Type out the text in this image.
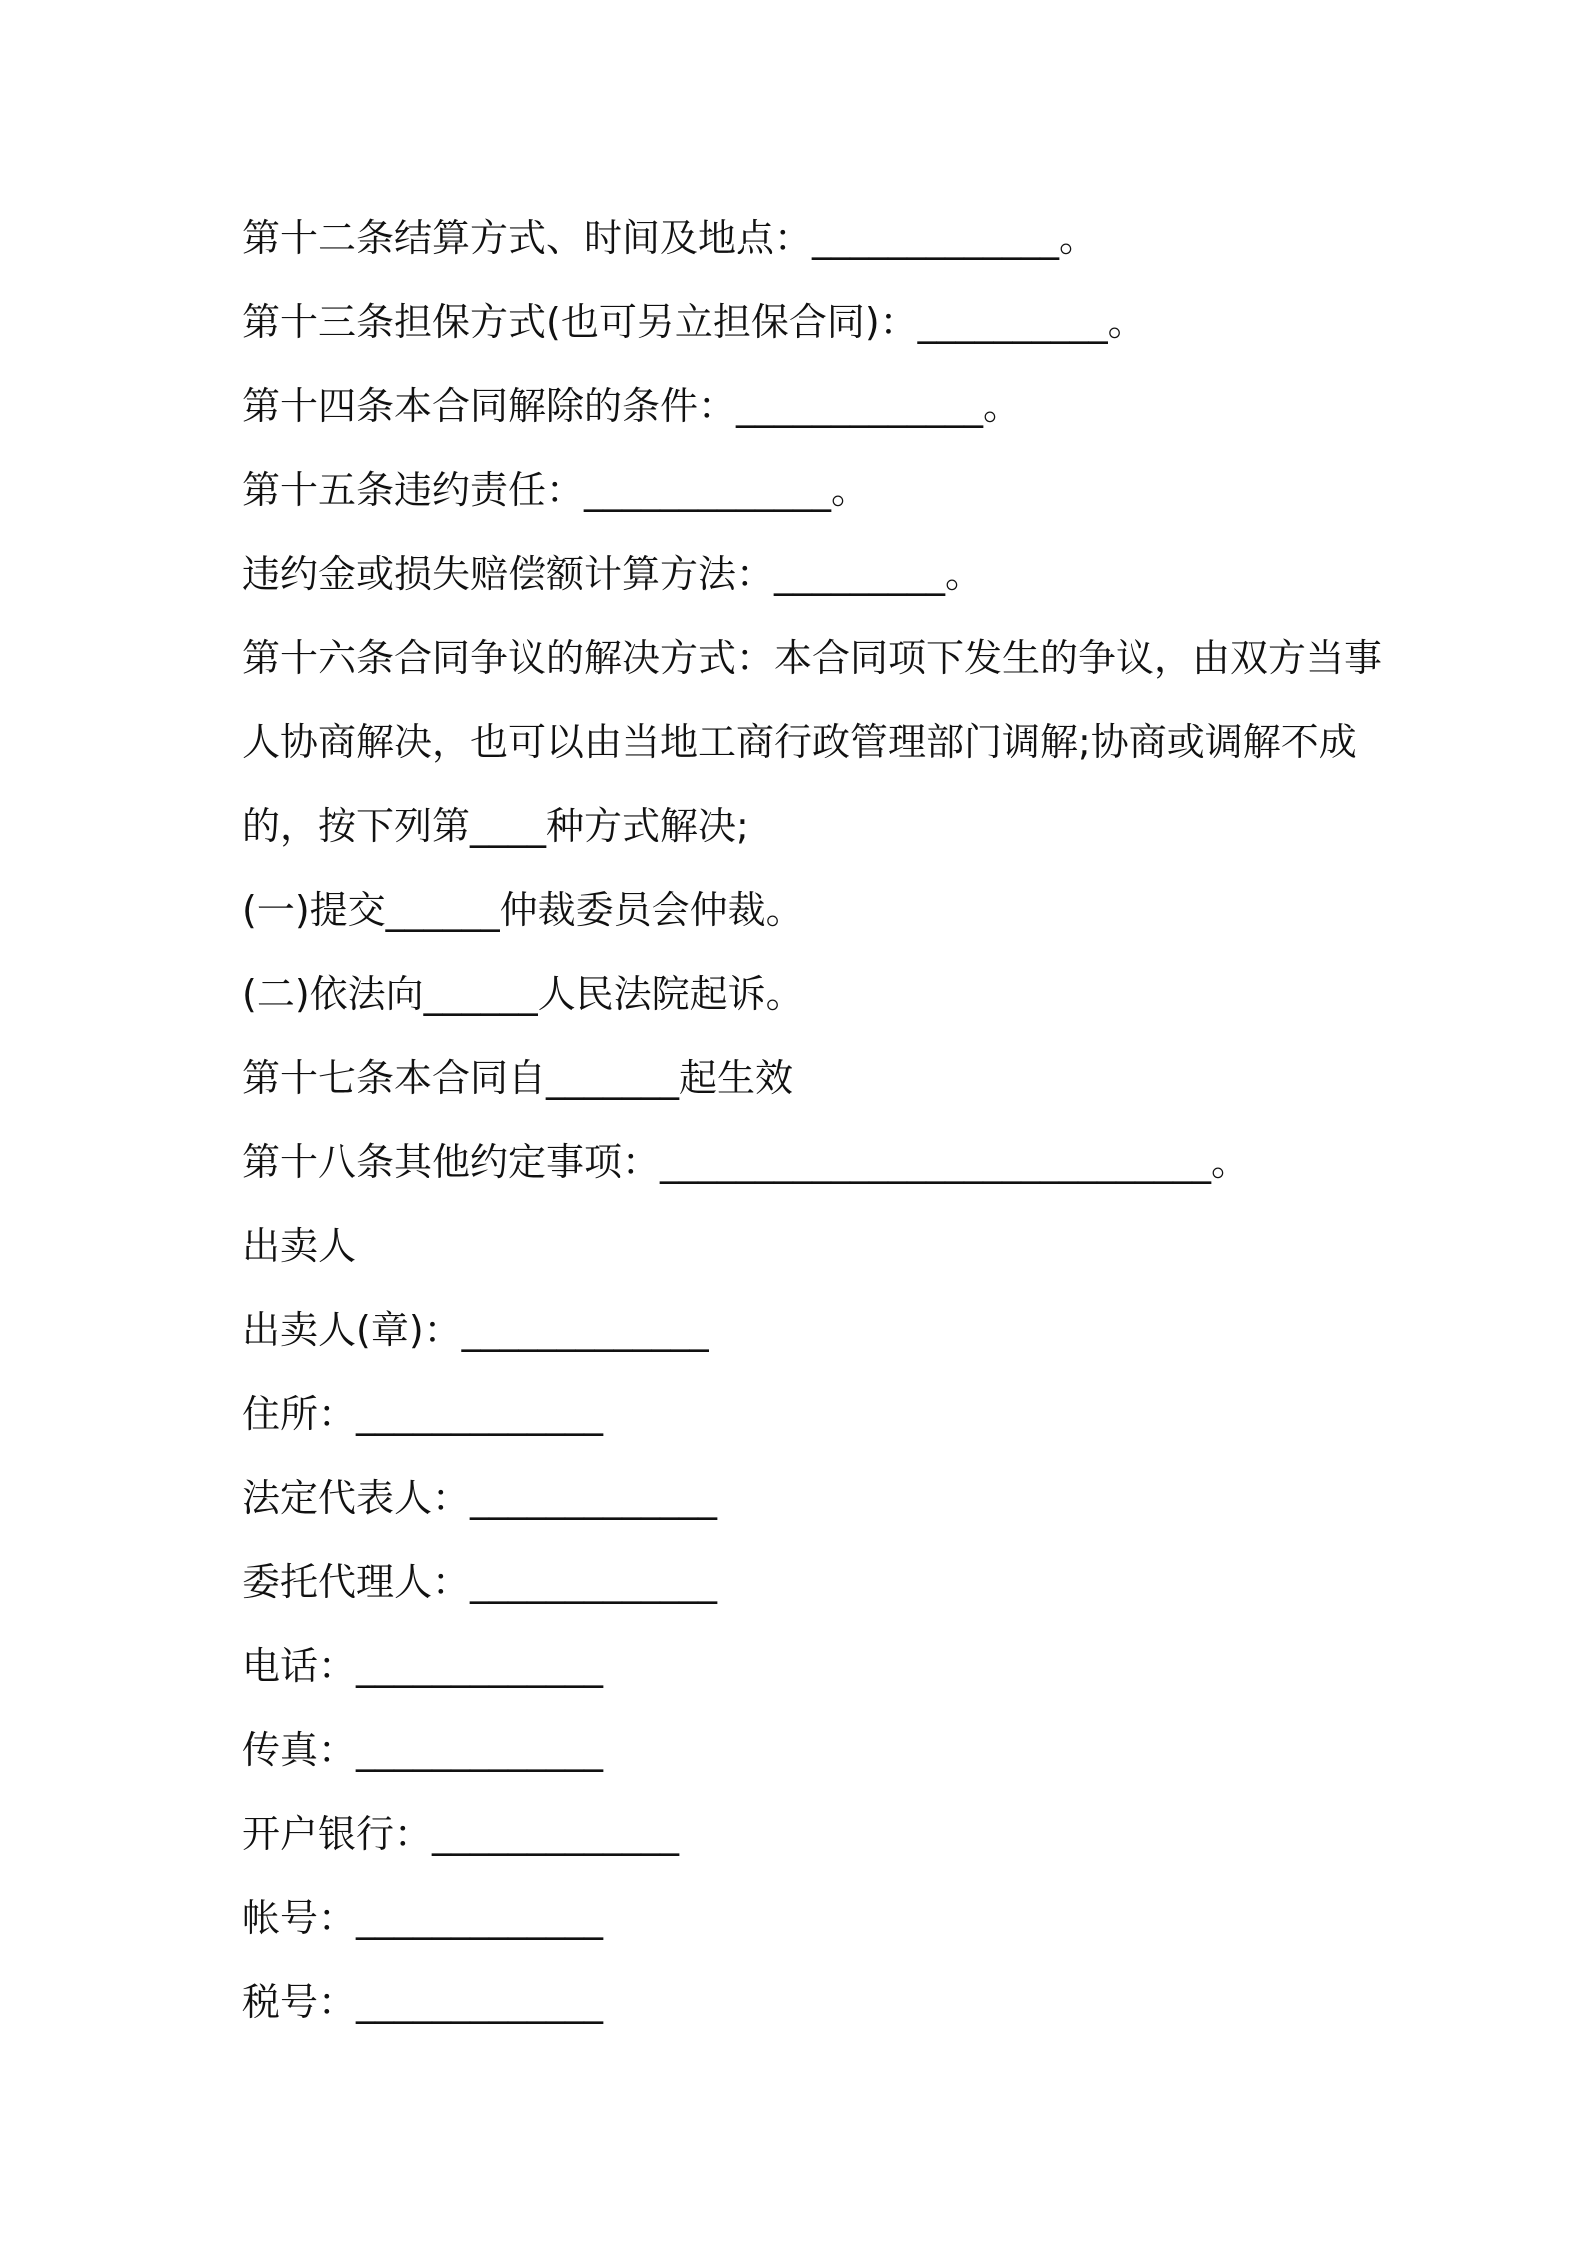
第十二条结算方式、时间及地点：_____________。
第十三条担保方式(也可另立担保合同)：__________。
第十四条本合同解除的条件：_____________。
第十五条违约责任：_____________。
违约金或损失赔偿额计算方法：_________。
第十六条合同争议的解决方式：本合同项下发生的争议，由双方当事
人协商解决，也可以由当地工商行政管理部门调解;协商或调解不成
的，按下列第____种方式解决;
(一)提交______仲裁委员会仲裁。
(二)依法向______人民法院起诉。
第十七条本合同自_______起生效
第十八条其他约定事项：_____________________________。
出卖人
出卖人(章)：_____________
住所：_____________
法定代表人：_____________
委托代理人：_____________
电话：_____________
传真：_____________
开户银行：_____________
帐号：_____________
税号：_____________
